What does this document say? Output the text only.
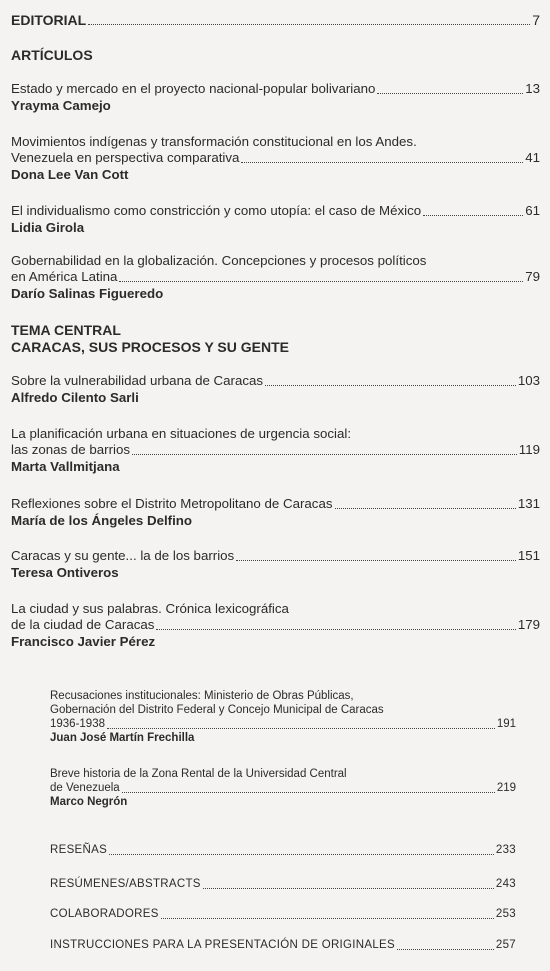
EDITORIAL	7
ARTÍCULOS
Estado y mercado en el proyecto nacional-popular bolivariano	13
Yrayma Camejo
Movimientos indígenas y transformación constitucional en los Andes.
Venezuela en perspectiva comparativa	41
Dona Lee Van Cott
El individualismo como constricción y como utopía: el caso de México	61
Lidia Girola
Gobernabilidad en la globalización. Concepciones y procesos políticos
en América Latina	79
Darío Salinas Figueredo
TEMA CENTRAL
CARACAS, SUS PROCESOS Y SU GENTE
Sobre la vulnerabilidad urbana de Caracas	103
Alfredo Cilento Sarli
La planificación urbana en situaciones de urgencia social:
las zonas de barrios	119
Marta Vallmitjana
Reflexiones sobre el Distrito Metropolitano de Caracas	131
María de los Ángeles Delfino
Caracas y su gente... la de los barrios	151
Teresa Ontiveros
La ciudad y sus palabras. Crónica lexicográfica
de la ciudad de Caracas	179
Francisco Javier Pérez
Recusaciones institucionales: Ministerio de Obras Públicas,
Gobernación del Distrito Federal y Concejo Municipal de Caracas
1936-1938	191
Juan José Martín Frechilla
Breve historia de la Zona Rental de la Universidad Central
de Venezuela	219
Marco Negrón
RESEÑAS	233
RESÚMENES/ABSTRACTS	243
COLABORADORES	253
INSTRUCCIONES PARA LA PRESENTACIÓN DE ORIGINALES	257
